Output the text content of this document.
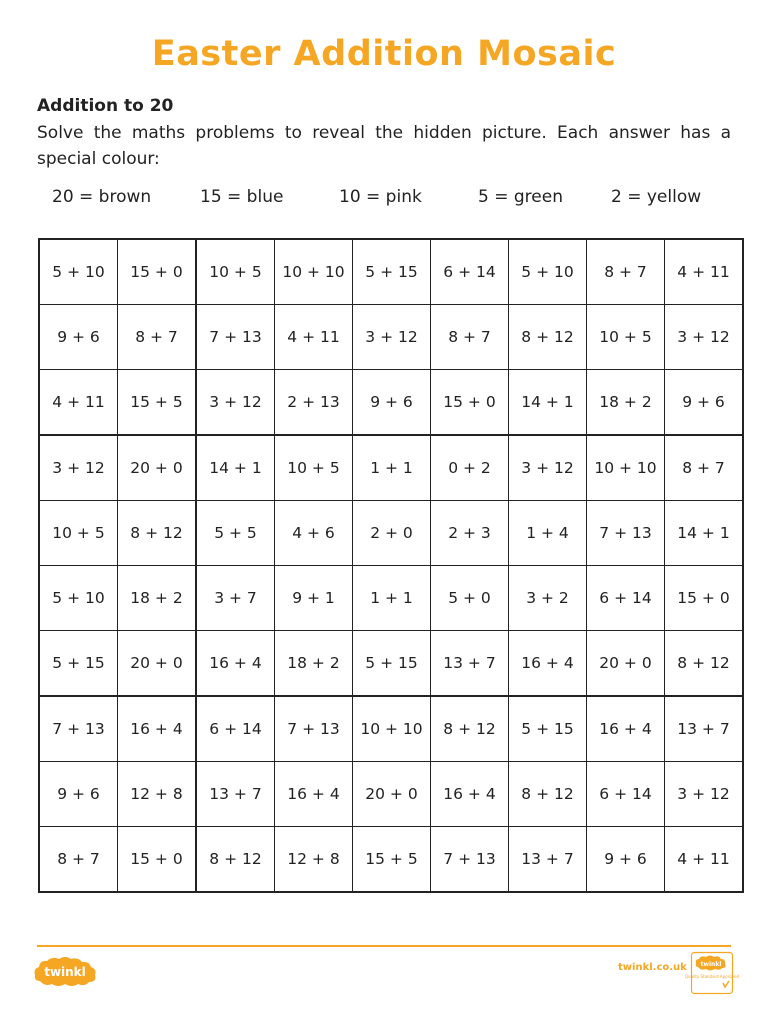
Easter Addition Mosaic
Addition to 20
Solve the maths problems to reveal the hidden picture. Each answer has a special colour:
20 = brown	15 = blue	10 = pink	5 = green	2 = yellow
5 + 10	15 + 0	10 + 5	10 + 10	5 + 15	6 + 14	5 + 10	8 + 7	4 + 11
9 + 6	8 + 7	7 + 13	4 + 11	3 + 12	8 + 7	8 + 12	10 + 5	3 + 12
4 + 11	15 + 5	3 + 12	2 + 13	9 + 6	15 + 0	14 + 1	18 + 2	9 + 6
3 + 12	20 + 0	14 + 1	10 + 5	1 + 1	0 + 2	3 + 12	10 + 10	8 + 7
10 + 5	8 + 12	5 + 5	4 + 6	2 + 0	2 + 3	1 + 4	7 + 13	14 + 1
5 + 10	18 + 2	3 + 7	9 + 1	1 + 1	5 + 0	3 + 2	6 + 14	15 + 0
5 + 15	20 + 0	16 + 4	18 + 2	5 + 15	13 + 7	16 + 4	20 + 0	8 + 12
7 + 13	16 + 4	6 + 14	7 + 13	10 + 10	8 + 12	5 + 15	16 + 4	13 + 7
9 + 6	12 + 8	13 + 7	16 + 4	20 + 0	16 + 4	8 + 12	6 + 14	3 + 12
8 + 7	15 + 0	8 + 12	12 + 8	15 + 5	7 + 13	13 + 7	9 + 6	4 + 11
twinkl	twinkl.co.uk twinkl
Quality Standard Approved
